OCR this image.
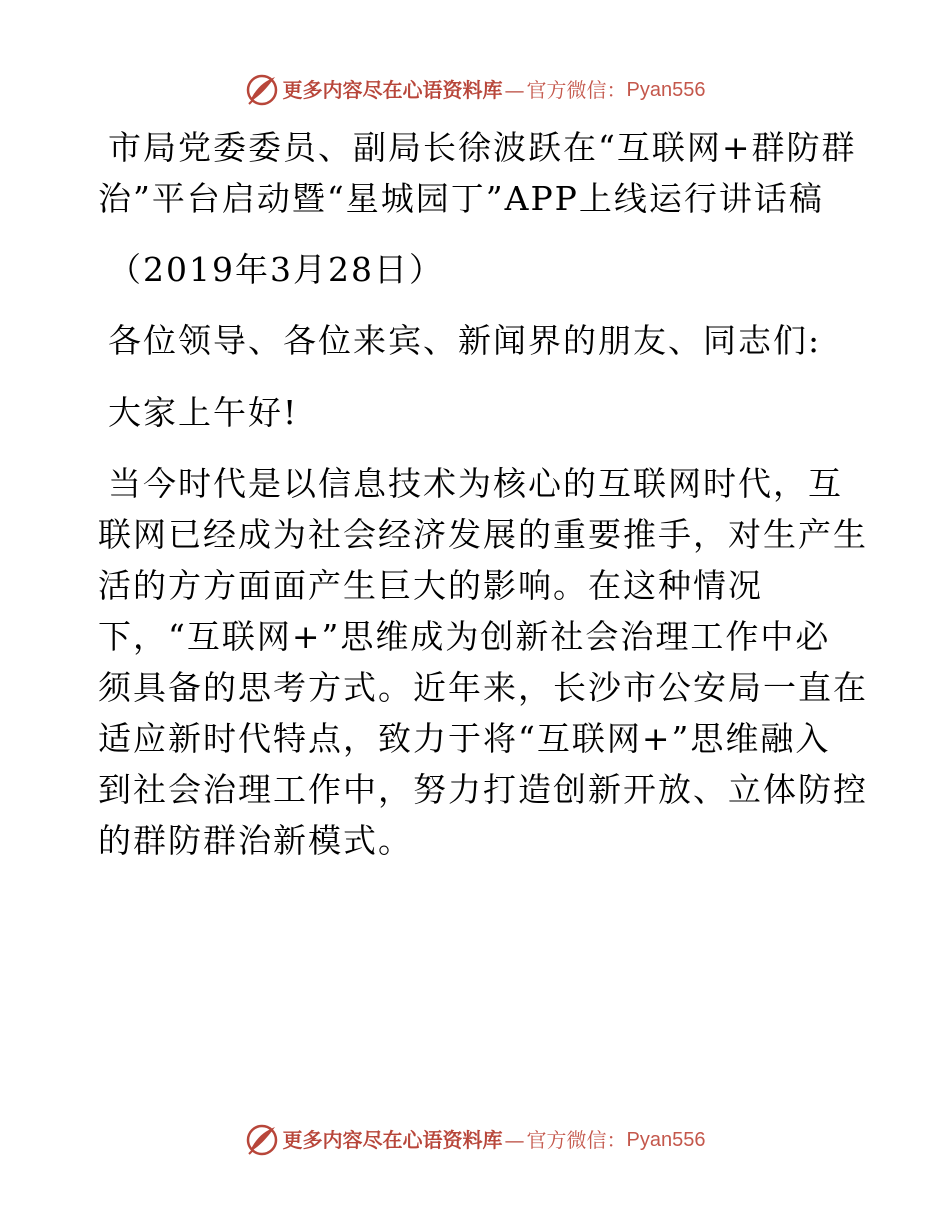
更多内容尽在心语资料库 — 官方微信： Pyan556
市局党委委员、副局长徐波跃在“互联网+群防群
治”平台启动暨“星城园丁”APP上线运行讲话稿
（2019年3月28日）
各位领导、各位来宾、新闻界的朋友、同志们:
大家上午好!
当今时代是以信息技术为核心的互联网时代，互
联网已经成为社会经济发展的重要推手，对生产生
活的方方面面产生巨大的影响。在这种情况
下，“互联网+”思维成为创新社会治理工作中必
须具备的思考方式。近年来，长沙市公安局一直在
适应新时代特点，致力于将“互联网+”思维融入
到社会治理工作中，努力打造创新开放、立体防控
的群防群治新模式。
更多内容尽在心语资料库 — 官方微信： Pyan556
